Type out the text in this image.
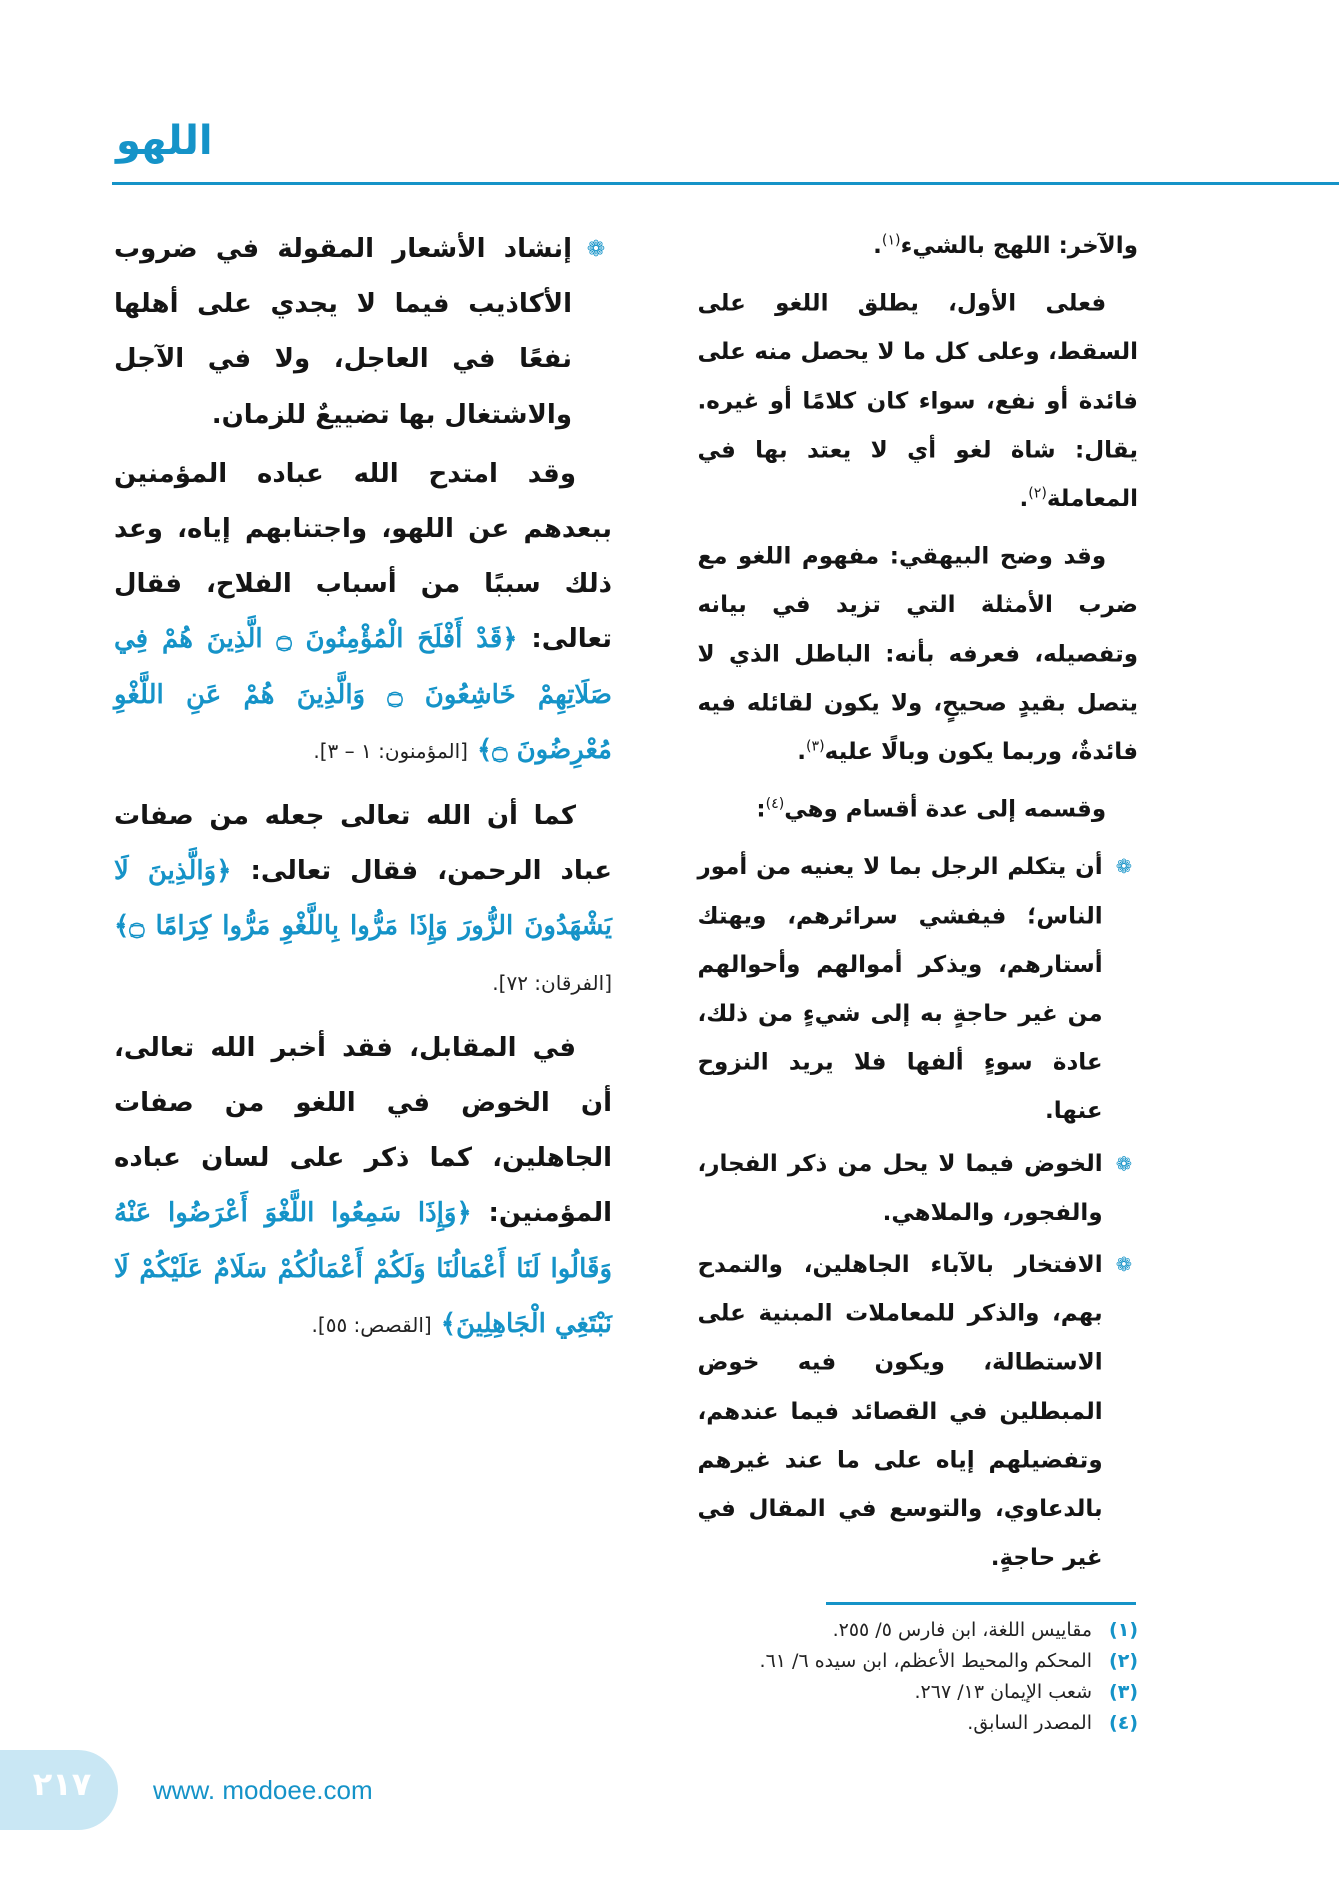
اللهو

والآخر: اللهج بالشيء$^{(١)}$.

فعلى الأول، يطلق اللغو على السقط، وعلى كل ما لا يحصل منه على فائدة أو نفع، سواء كان كلامًا أو غيره. يقال: شاة لغو أي لا يعتد بها في المعاملة$^{(٢)}$.

وقد وضح البيهقي: مفهوم اللغو مع ضرب الأمثلة التي تزيد في بيانه وتفصيله، فعرفه بأنه: الباطل الذي لا يتصل بقيدٍ صحيحٍ، ولا يكون لقائله فيه فائدةٌ، وربما يكون وبالًا عليه$^{(٣)}$.

وقسمه إلى عدة أقسام وهي$^{(٤)}$:

❁
أن يتكلم الرجل بما لا يعنيه من أمور الناس؛ فيفشي سرائرهم، ويهتك أستارهم، ويذكر أموالهم وأحوالهم من غير حاجةٍ به إلى شيءٍ من ذلك، عادة سوءٍ ألفها فلا يريد النزوح عنها.
❁
الخوض فيما لا يحل من ذكر الفجار، والفجور، والملاهي.
❁
الافتخار بالآباء الجاهلين، والتمدح بهم، والذكر للمعاملات المبنية على الاستطالة، ويكون فيه خوض المبطلين في القصائد فيما عندهم، وتفضيلهم إياه على ما عند غيرهم بالدعاوي، والتوسع في المقال في غير حاجةٍ.
❁
إنشاد الأشعار المقولة في ضروب الأكاذيب فيما لا يجدي على أهلها نفعًا في العاجل، ولا في الآجل والاشتغال بها تضييعٌ للزمان.

وقد امتدح الله عباده المؤمنين ببعدهم عن اللهو، واجتنابهم إياه، وعد ذلك سببًا من أسباب الفلاح، فقال تعالى: ﴿قَدْ أَفْلَحَ الْمُؤْمِنُونَ ۝ الَّذِينَ هُمْ فِي صَلَاتِهِمْ خَاشِعُونَ ۝ وَالَّذِينَ هُمْ عَنِ اللَّغْوِ مُعْرِضُونَ ۝﴾ [المؤمنون: ١ – ٣].

كما أن الله تعالى جعله من صفات عباد الرحمن، فقال تعالى: ﴿وَالَّذِينَ لَا يَشْهَدُونَ الزُّورَ وَإِذَا مَرُّوا بِاللَّغْوِ مَرُّوا كِرَامًا ۝﴾ [الفرقان: ٧٢].

في المقابل، فقد أخبر الله تعالى، أن الخوض في اللغو من صفات الجاهلين، كما ذكر على لسان عباده المؤمنين: ﴿وَإِذَا سَمِعُوا اللَّغْوَ أَعْرَضُوا عَنْهُ وَقَالُوا لَنَا أَعْمَالُنَا وَلَكُمْ أَعْمَالُكُمْ سَلَامٌ عَلَيْكُمْ لَا نَبْتَغِي الْجَاهِلِينَ﴾ [القصص: ٥٥].

(١)
مقاييس اللغة، ابن فارس ٥/ ٢٥٥.
(٢)
المحكم والمحيط الأعظم، ابن سيده ٦/ ٦١.
(٣)
شعب الإيمان ١٣/ ٢٦٧.
(٤)
المصدر السابق.
٢١٧	www. modoee.com
